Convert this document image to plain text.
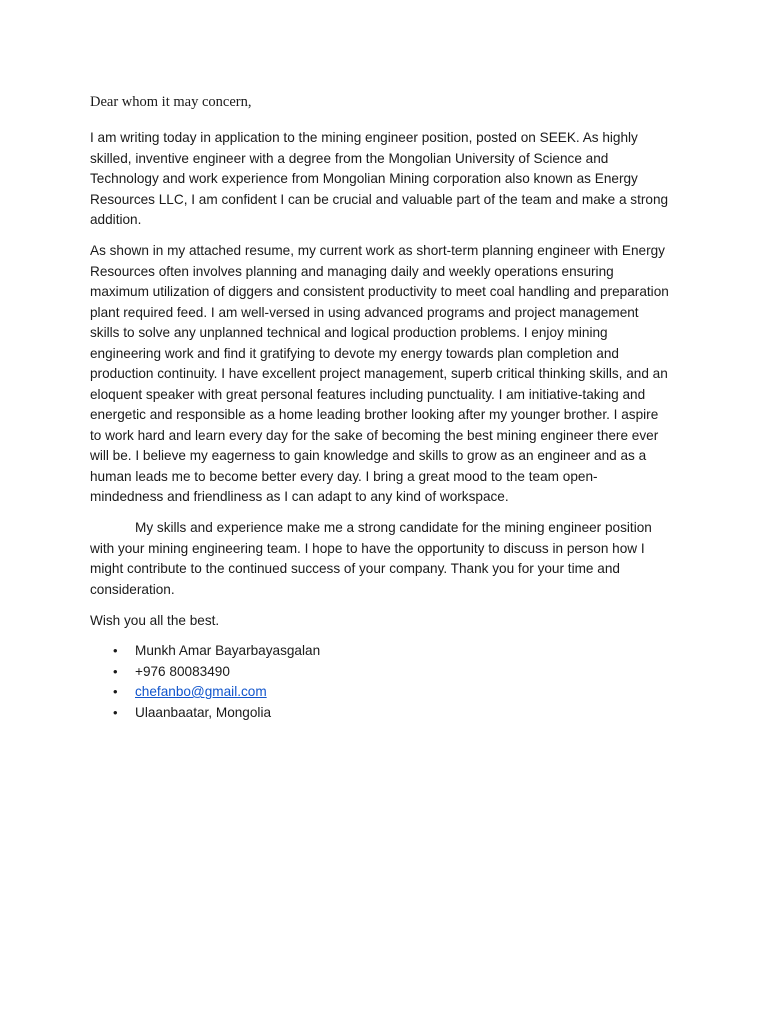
Dear whom it may concern,

I am writing today in application to the mining engineer position, posted on SEEK. As highly skilled, inventive engineer with a degree from the Mongolian University of Science and Technology and work experience from Mongolian Mining corporation also known as Energy Resources LLC, I am confident I can be crucial and valuable part of the team and make a strong addition.

As shown in my attached resume, my current work as short-term planning engineer with Energy Resources often involves planning and managing daily and weekly operations ensuring maximum utilization of diggers and consistent productivity to meet coal handling and preparation plant required feed. I am well-versed in using advanced programs and project management skills to solve any unplanned technical and logical production problems. I enjoy mining engineering work and find it gratifying to devote my energy towards plan completion and production continuity. I have excellent project management, superb critical thinking skills, and an eloquent speaker with great personal features including punctuality. I am initiative-taking and energetic and responsible as a home leading brother looking after my younger brother. I aspire to work hard and learn every day for the sake of becoming the best mining engineer there ever will be. I believe my eagerness to gain knowledge and skills to grow as an engineer and as a human leads me to become better every day. I bring a great mood to the team open-mindedness and friendliness as I can adapt to any kind of workspace.

My skills and experience make me a strong candidate for the mining engineer position with your mining engineering team. I hope to have the opportunity to discuss in person how I might contribute to the continued success of your company. Thank you for your time and consideration.

Wish you all the best.

• Munkh Amar Bayarbayasgalan
• +976 80083490
• chefanbo@gmail.com
• Ulaanbaatar, Mongolia
